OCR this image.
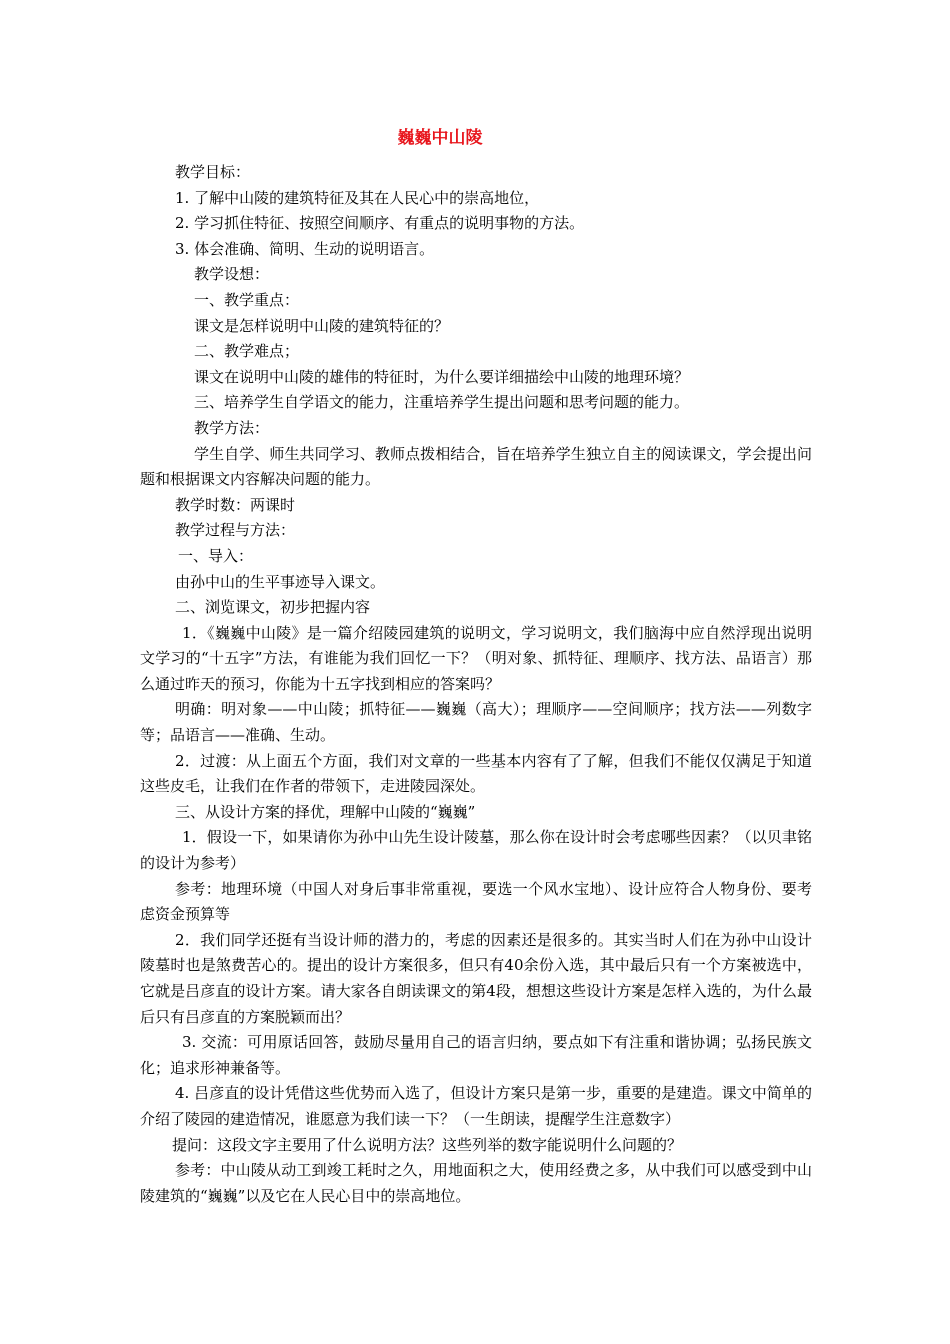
巍巍中山陵

教学目标：

1. 了解中山陵的建筑特征及其在人民心中的崇高地位，

2. 学习抓住特征、按照空间顺序、有重点的说明事物的方法。

3. 体会准确、简明、生动的说明语言。

教学设想：

一、教学重点：

课文是怎样说明中山陵的建筑特征的？

二、教学难点；

课文在说明中山陵的雄伟的特征时，为什么要详细描绘中山陵的地理环境？

三、培养学生自学语文的能力，注重培养学生提出问题和思考问题的能力。

教学方法：

学生自学、师生共同学习、教师点拨相结合，旨在培养学生独立自主的阅读课文，学会提出问题和根据课文内容解决问题的能力。

教学时数：两课时

教学过程与方法：

一、导入：

由孙中山的生平事迹导入课文。

二、浏览课文，初步把握内容

1．《巍巍中山陵》是一篇介绍陵园建筑的说明文，学习说明文，我们脑海中应自然浮现出说明文学习的“十五字”方法，有谁能为我们回忆一下？（明对象、抓特征、理顺序、找方法、品语言）那么通过昨天的预习，你能为十五字找到相应的答案吗？

明确：明对象——中山陵；抓特征——巍巍（高大）；理顺序——空间顺序；找方法——列数字等；品语言——准确、生动。

2．过渡：从上面五个方面，我们对文章的一些基本内容有了了解，但我们不能仅仅满足于知道这些皮毛，让我们在作者的带领下，走进陵园深处。

三、从设计方案的择优，理解中山陵的“巍巍”

1．假设一下，如果请你为孙中山先生设计陵墓，那么你在设计时会考虑哪些因素？（以贝聿铭的设计为参考）

参考：地理环境（中国人对身后事非常重视，要选一个风水宝地）、设计应符合人物身份、要考虑资金预算等

2．我们同学还挺有当设计师的潜力的，考虑的因素还是很多的。其实当时人们在为孙中山设计陵墓时也是煞费苦心的。提出的设计方案很多，但只有40余份入选，其中最后只有一个方案被选中，它就是吕彦直的设计方案。请大家各自朗读课文的第4段，想想这些设计方案是怎样入选的，为什么最后只有吕彦直的方案脱颖而出？

3. 交流：可用原话回答，鼓励尽量用自己的语言归纳，要点如下有注重和谐协调；弘扬民族文化；追求形神兼备等。

4. 吕彦直的设计凭借这些优势而入选了，但设计方案只是第一步，重要的是建造。课文中简单的介绍了陵园的建造情况，谁愿意为我们读一下？（一生朗读，提醒学生注意数字）

提问：这段文字主要用了什么说明方法？这些列举的数字能说明什么问题的？

参考：中山陵从动工到竣工耗时之久，用地面积之大，使用经费之多，从中我们可以感受到中山陵建筑的“巍巍”以及它在人民心目中的崇高地位。
